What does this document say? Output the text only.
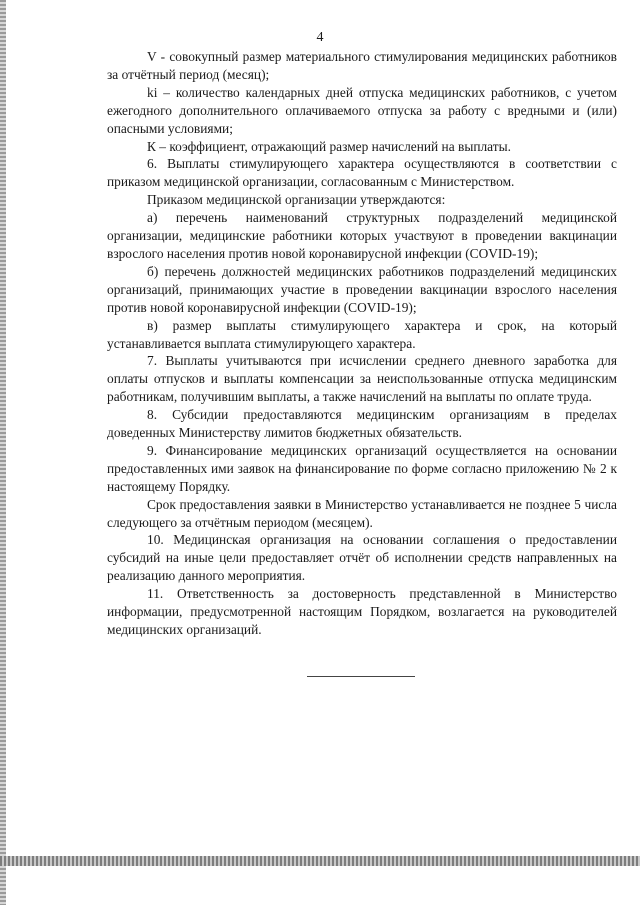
4

V - совокупный размер материального стимулирования медицинских работников за отчётный период (месяц);

ki – количество календарных дней отпуска медицинских работников, с учетом ежегодного дополнительного оплачиваемого отпуска за работу с вредными и (или) опасными условиями;

К – коэффициент, отражающий размер начислений на выплаты.

6. Выплаты стимулирующего характера осуществляются в соответствии с приказом медицинской организации, согласованным с Министерством.

Приказом медицинской организации утверждаются:

а) перечень наименований структурных подразделений медицинской организации, медицинские работники которых участвуют в проведении вакцинации взрослого населения против новой коронавирусной инфекции (COVID-19);

б) перечень должностей медицинских работников подразделений медицинских организаций, принимающих участие в проведении вакцинации взрослого населения против новой коронавирусной инфекции (COVID-19);

в) размер выплаты стимулирующего характера и срок, на который устанавливается выплата стимулирующего характера.

7. Выплаты учитываются при исчислении среднего дневного заработка для оплаты отпусков и выплаты компенсации за неиспользованные отпуска медицинским работникам, получившим выплаты, а также начислений на выплаты по оплате труда.

8. Субсидии предоставляются медицинским организациям в пределах доведенных Министерству лимитов бюджетных обязательств.

9. Финансирование медицинских организаций осуществляется на основании предоставленных ими заявок на финансирование по форме согласно приложению № 2 к настоящему Порядку.

Срок предоставления заявки в Министерство устанавливается не позднее 5 числа следующего за отчётным периодом (месяцем).

10. Медицинская организация на основании соглашения о предоставлении субсидий на иные цели предоставляет отчёт об исполнении средств направленных на реализацию данного мероприятия.

11. Ответственность за достоверность представленной в Министерство информации, предусмотренной настоящим Порядком, возлагается на руководителей медицинских организаций.
